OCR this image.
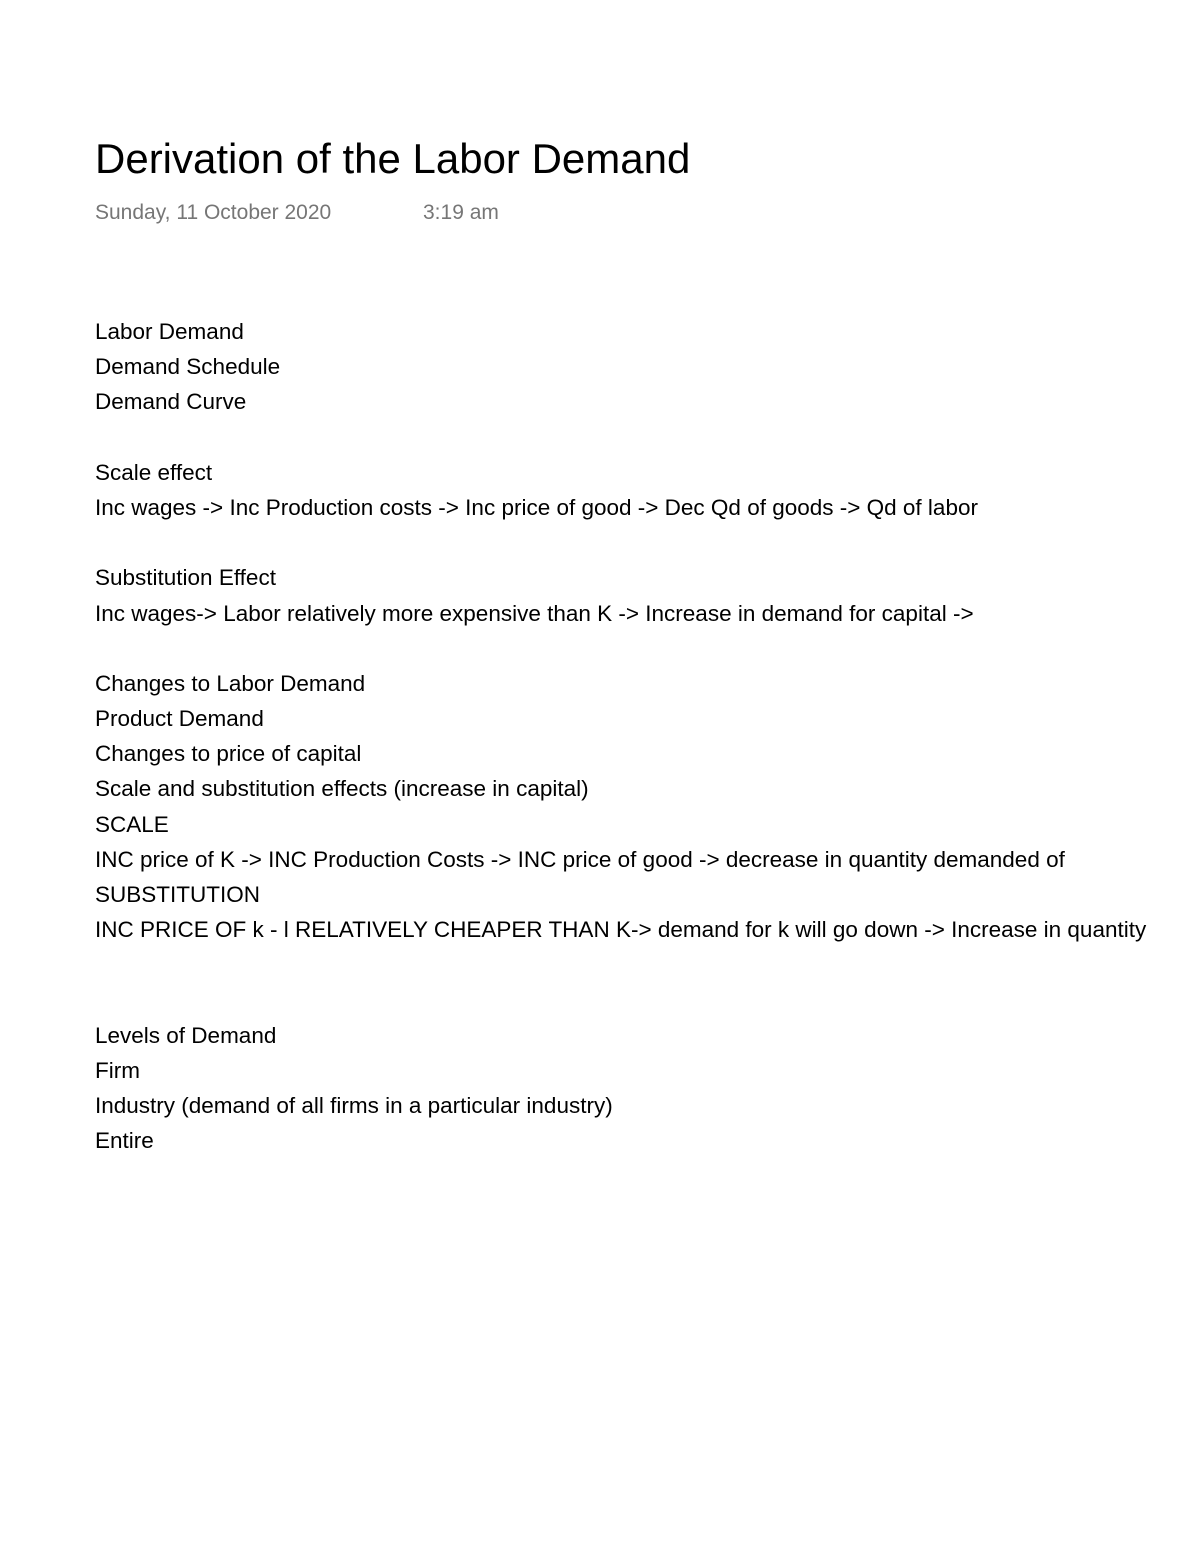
Derivation of the Labor Demand
Sunday, 11 October 2020	3:19 am
Labor Demand
Demand Schedule
Demand Curve
Scale effect
Inc wages -> Inc Production costs -> Inc price of good -> Dec Qd of goods -> Qd of labor
Substitution Effect
Inc wages-> Labor relatively more expensive than K -> Increase in demand for capital ->
Changes to Labor Demand
Product Demand
Changes to price of capital
Scale and substitution effects (increase in capital)
SCALE
INC price of K -> INC Production Costs -> INC price of good -> decrease in quantity demanded of
SUBSTITUTION
INC PRICE OF k - l RELATIVELY CHEAPER THAN K-> demand for k will go down -> Increase in quantity
Levels of Demand
Firm
Industry (demand of all firms in a particular industry)
Entire
